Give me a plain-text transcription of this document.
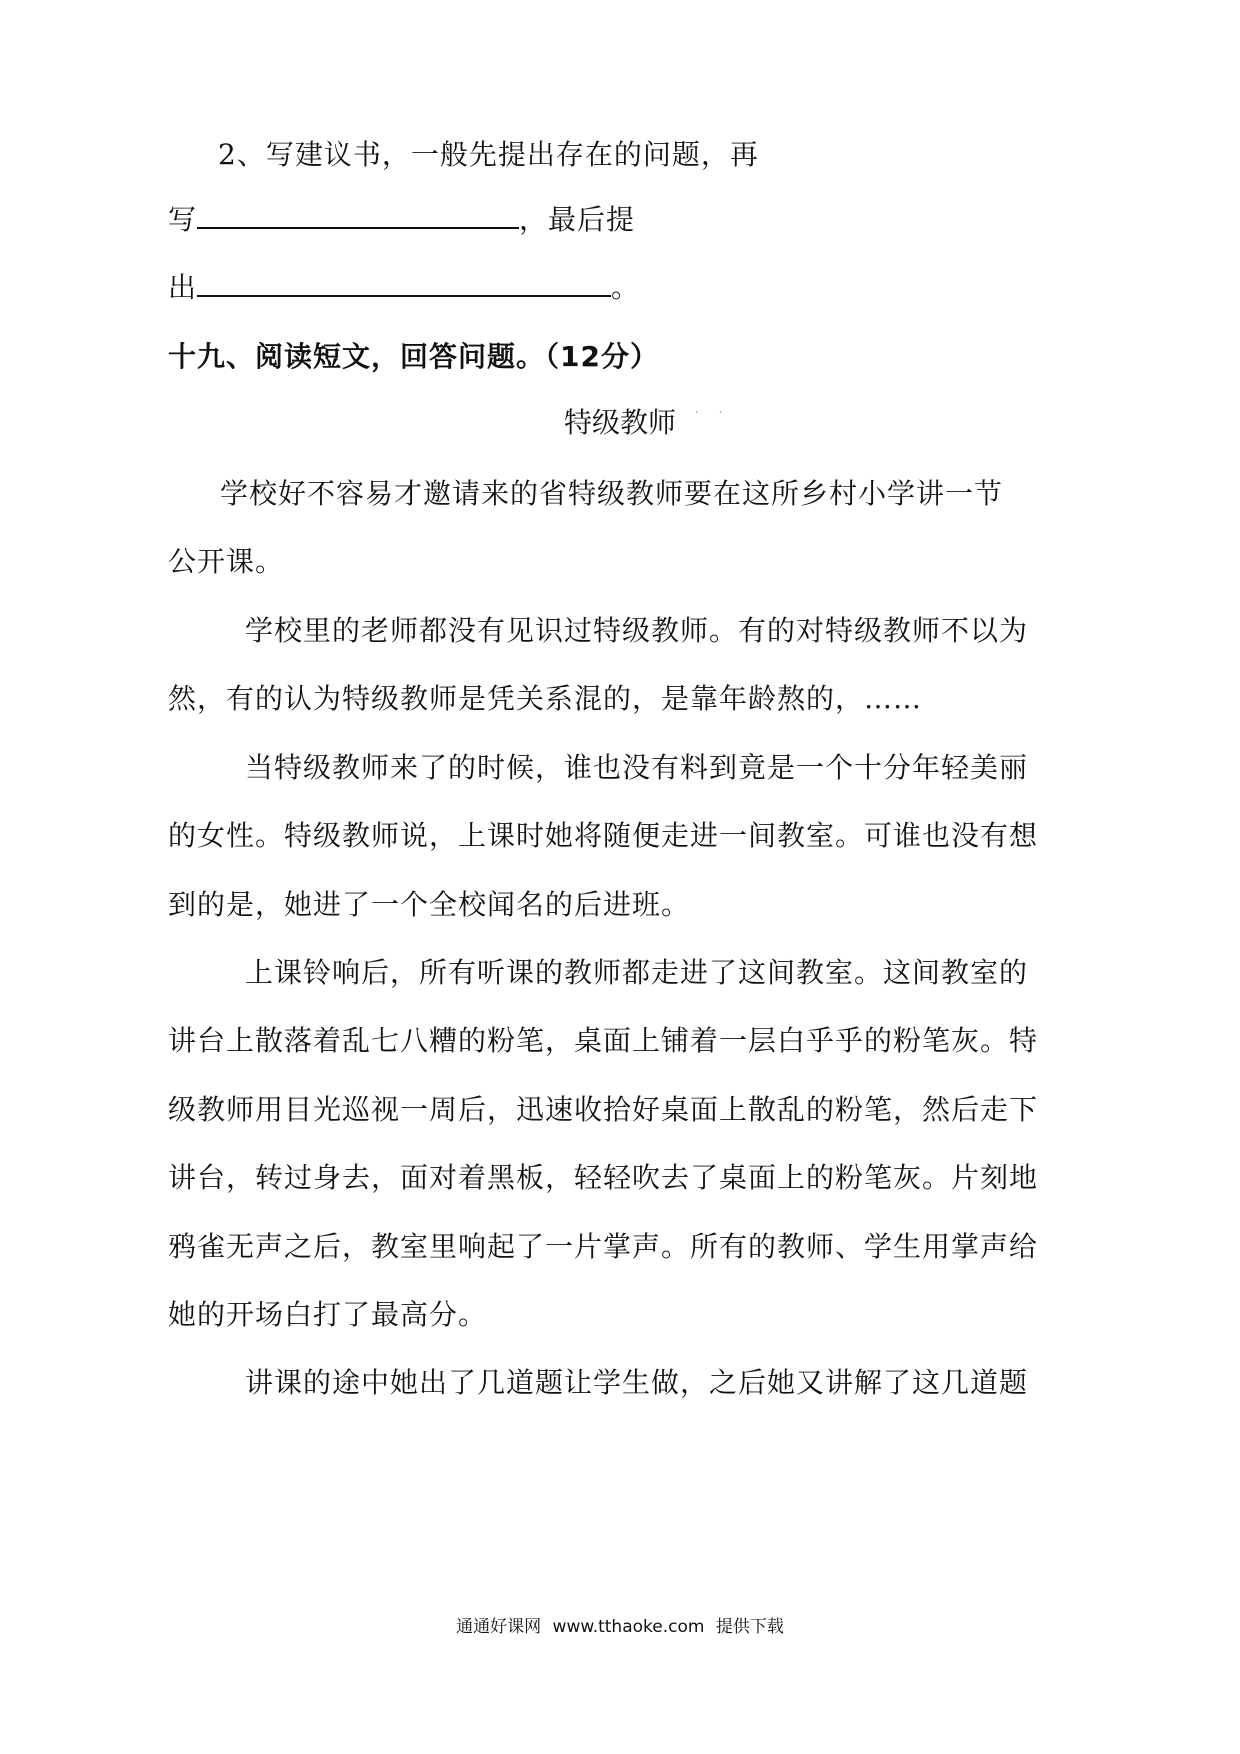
2、写建议书，一般先提出存在的问题，再
写	，最后提
出	。
十九、阅读短文，回答问题。（12分）
. .
特级教师
学校好不容易才邀请来的省特级教师要在这所乡村小学讲一节
公开课。
学校里的老师都没有见识过特级教师。有的对特级教师不以为
然，有的认为特级教师是凭关系混的，是靠年龄熬的，……
当特级教师来了的时候，谁也没有料到竟是一个十分年轻美丽
的女性。特级教师说，上课时她将随便走进一间教室。可谁也没有想
到的是，她进了一个全校闻名的后进班。
上课铃响后，所有听课的教师都走进了这间教室。这间教室的
讲台上散落着乱七八糟的粉笔，桌面上铺着一层白乎乎的粉笔灰。特
级教师用目光巡视一周后，迅速收拾好桌面上散乱的粉笔，然后走下
讲台，转过身去，面对着黑板，轻轻吹去了桌面上的粉笔灰。片刻地
鸦雀无声之后，教室里响起了一片掌声。所有的教师、学生用掌声给
她的开场白打了最高分。
讲课的途中她出了几道题让学生做，之后她又讲解了这几道题
通通好课网 www.tthaoke.com 提供下载
